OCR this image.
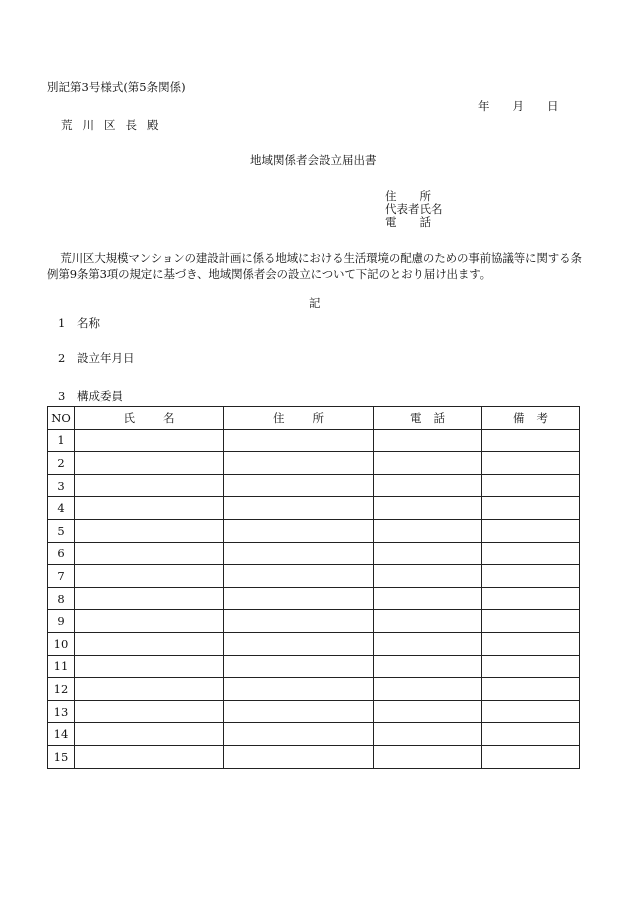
別記第3号様式(第5条関係)
年　　月　　日
荒川区長殿
地域関係者会設立届出書
住　　所
代表者氏名
電　　話
荒川区大規模マンションの建設計画に係る地域における生活環境の配慮のための事前協議等に関する条例第9条第3項の規定に基づき、地域関係者会の設立について下記のとおり届け出ます。
記
1 名称
2 設立年月日
3 構成委員
NO	氏名	住所	電話	備考
1				
2				
3				
4				
5				
6				
7				
8				
9				
10				
11				
12				
13				
14				
15				
